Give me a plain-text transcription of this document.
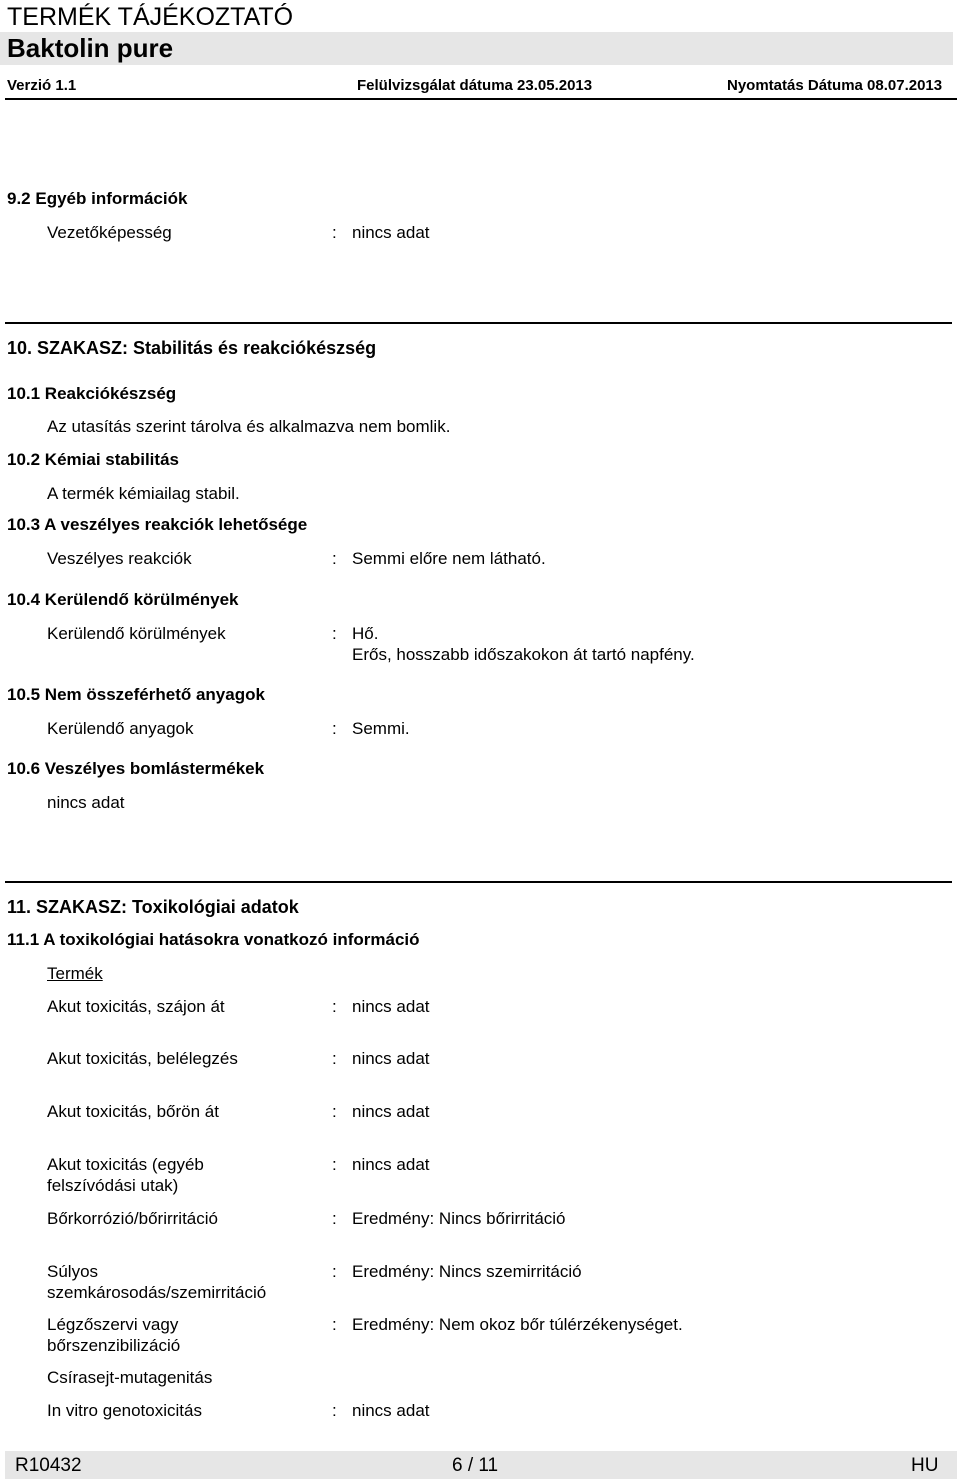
TERMÉK TÁJÉKOZTATÓ
Baktolin pure
Verzió 1.1	Felülvizsgálat dátuma 23.05.2013	Nyomtatás Dátuma 08.07.2013
9.2 Egyéb információk
Vezetőképesség	: nincs adat
10. SZAKASZ: Stabilitás és reakciókészség
10.1 Reakciókészség
Az utasítás szerint tárolva és alkalmazva nem bomlik.
10.2 Kémiai stabilitás
A termék kémiailag stabil.
10.3 A veszélyes reakciók lehetősége
Veszélyes reakciók	: Semmi előre nem látható.
10.4 Kerülendő körülmények
Kerülendő körülmények	: Hő.
Erős, hosszabb időszakokon át tartó napfény.
10.5 Nem összeférhető anyagok
Kerülendő anyagok	: Semmi.
10.6 Veszélyes bomlástermékek
nincs adat
11. SZAKASZ: Toxikológiai adatok
11.1 A toxikológiai hatásokra vonatkozó információ
Termék
Akut toxicitás, szájon át	: nincs adat
Akut toxicitás, belélegzés	: nincs adat
Akut toxicitás, bőrön át	: nincs adat
Akut toxicitás (egyéb felszívódási utak)
: nincs adat
Bőrkorrózió/bőrirritáció	: Eredmény: Nincs bőrirritáció
Súlyos szemkárosodás/szemirritáció
: Eredmény: Nincs szemirritáció
Légzőszervi vagy bőrszenzibilizáció
: Eredmény: Nem okoz bőr túlérzékenységet.
Csírasejt-mutagenitás
In vitro genotoxicitás	: nincs adat
R10432	6 / 11	HU
